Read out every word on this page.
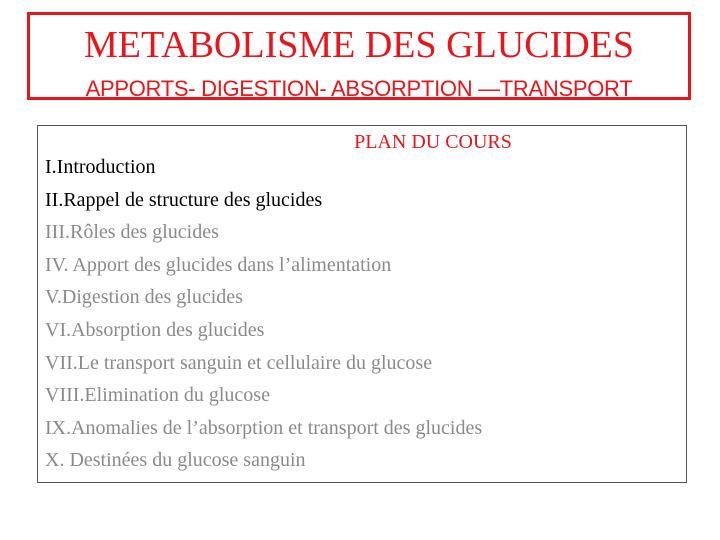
METABOLISME DES GLUCIDES
APPORTS- DIGESTION- ABSORPTION —TRANSPORT
PLAN DU COURS
I.Introduction
II.Rappel de structure des glucides
III.Rôles des glucides
IV. Apport des glucides dans l’alimentation
V.Digestion des glucides
VI.Absorption des glucides
VII.Le transport sanguin et cellulaire du glucose
VIII.Elimination du glucose
IX.Anomalies de l’absorption et transport des glucides
X. Destinées du glucose sanguin
